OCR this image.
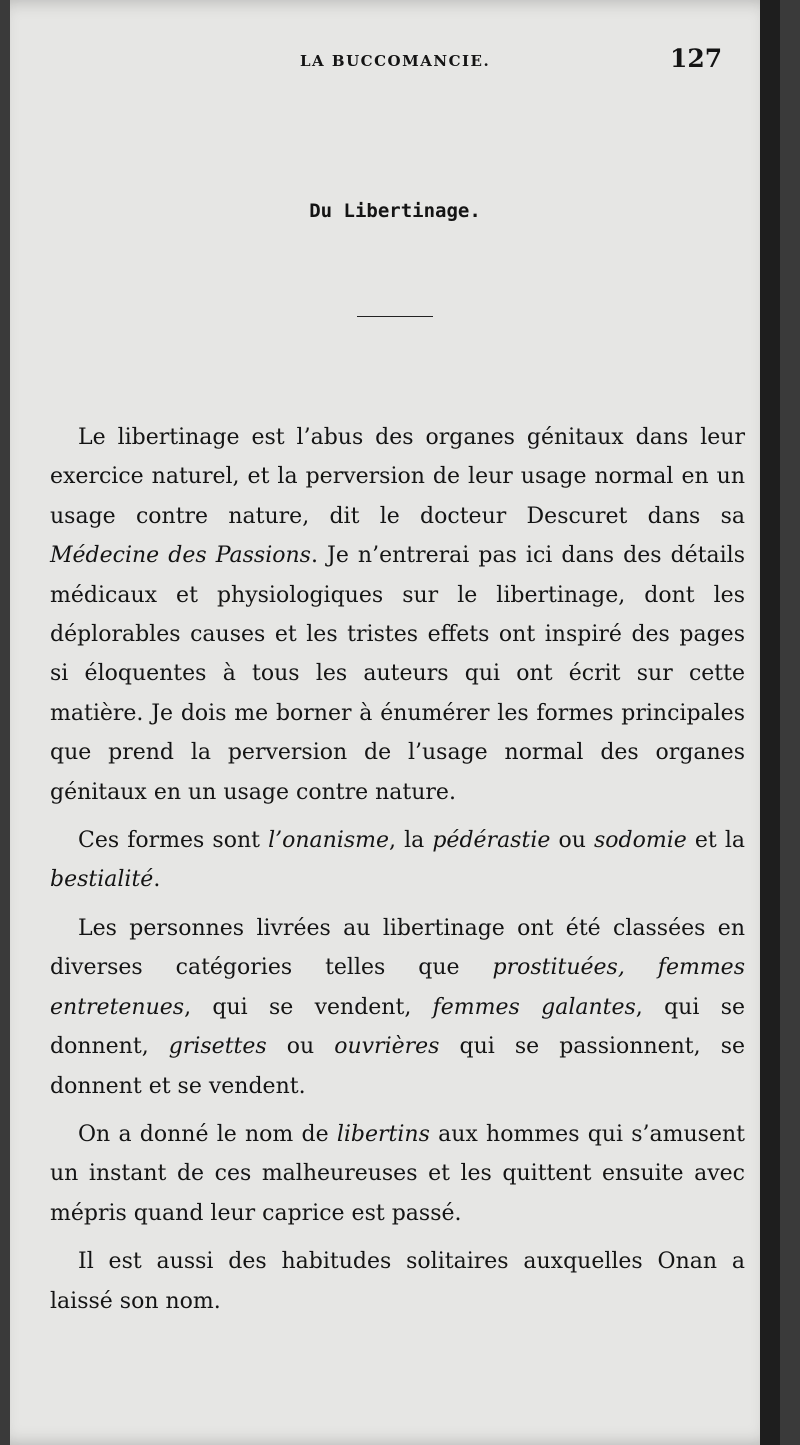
LA BUCCOMANCIE.	127
Du Libertinage.

Le libertinage est l’abus des organes génitaux dans leur exercice naturel, et la perversion de leur usage normal en un usage contre nature, dit le docteur Descuret dans sa Médecine des Passions. Je n’entrerai pas ici dans des détails médicaux et physiologiques sur le libertinage, dont les déplorables causes et les tristes effets ont inspiré des pages si éloquentes à tous les auteurs qui ont écrit sur cette matière. Je dois me borner à énumérer les formes principales que prend la perversion de l’usage normal des organes génitaux en un usage contre nature.

Ces formes sont l’onanisme, la pédérastie ou sodomie et la bestialité.

Les personnes livrées au libertinage ont été classées en diverses catégories telles que prostituées, femmes entretenues, qui se vendent, femmes galantes, qui se donnent, grisettes ou ouvrières qui se passionnent, se donnent et se vendent.

On a donné le nom de libertins aux hommes qui s’amusent un instant de ces malheureuses et les quittent ensuite avec mépris quand leur caprice est passé.

Il est aussi des habitudes solitaires auxquelles Onan a laissé son nom.
